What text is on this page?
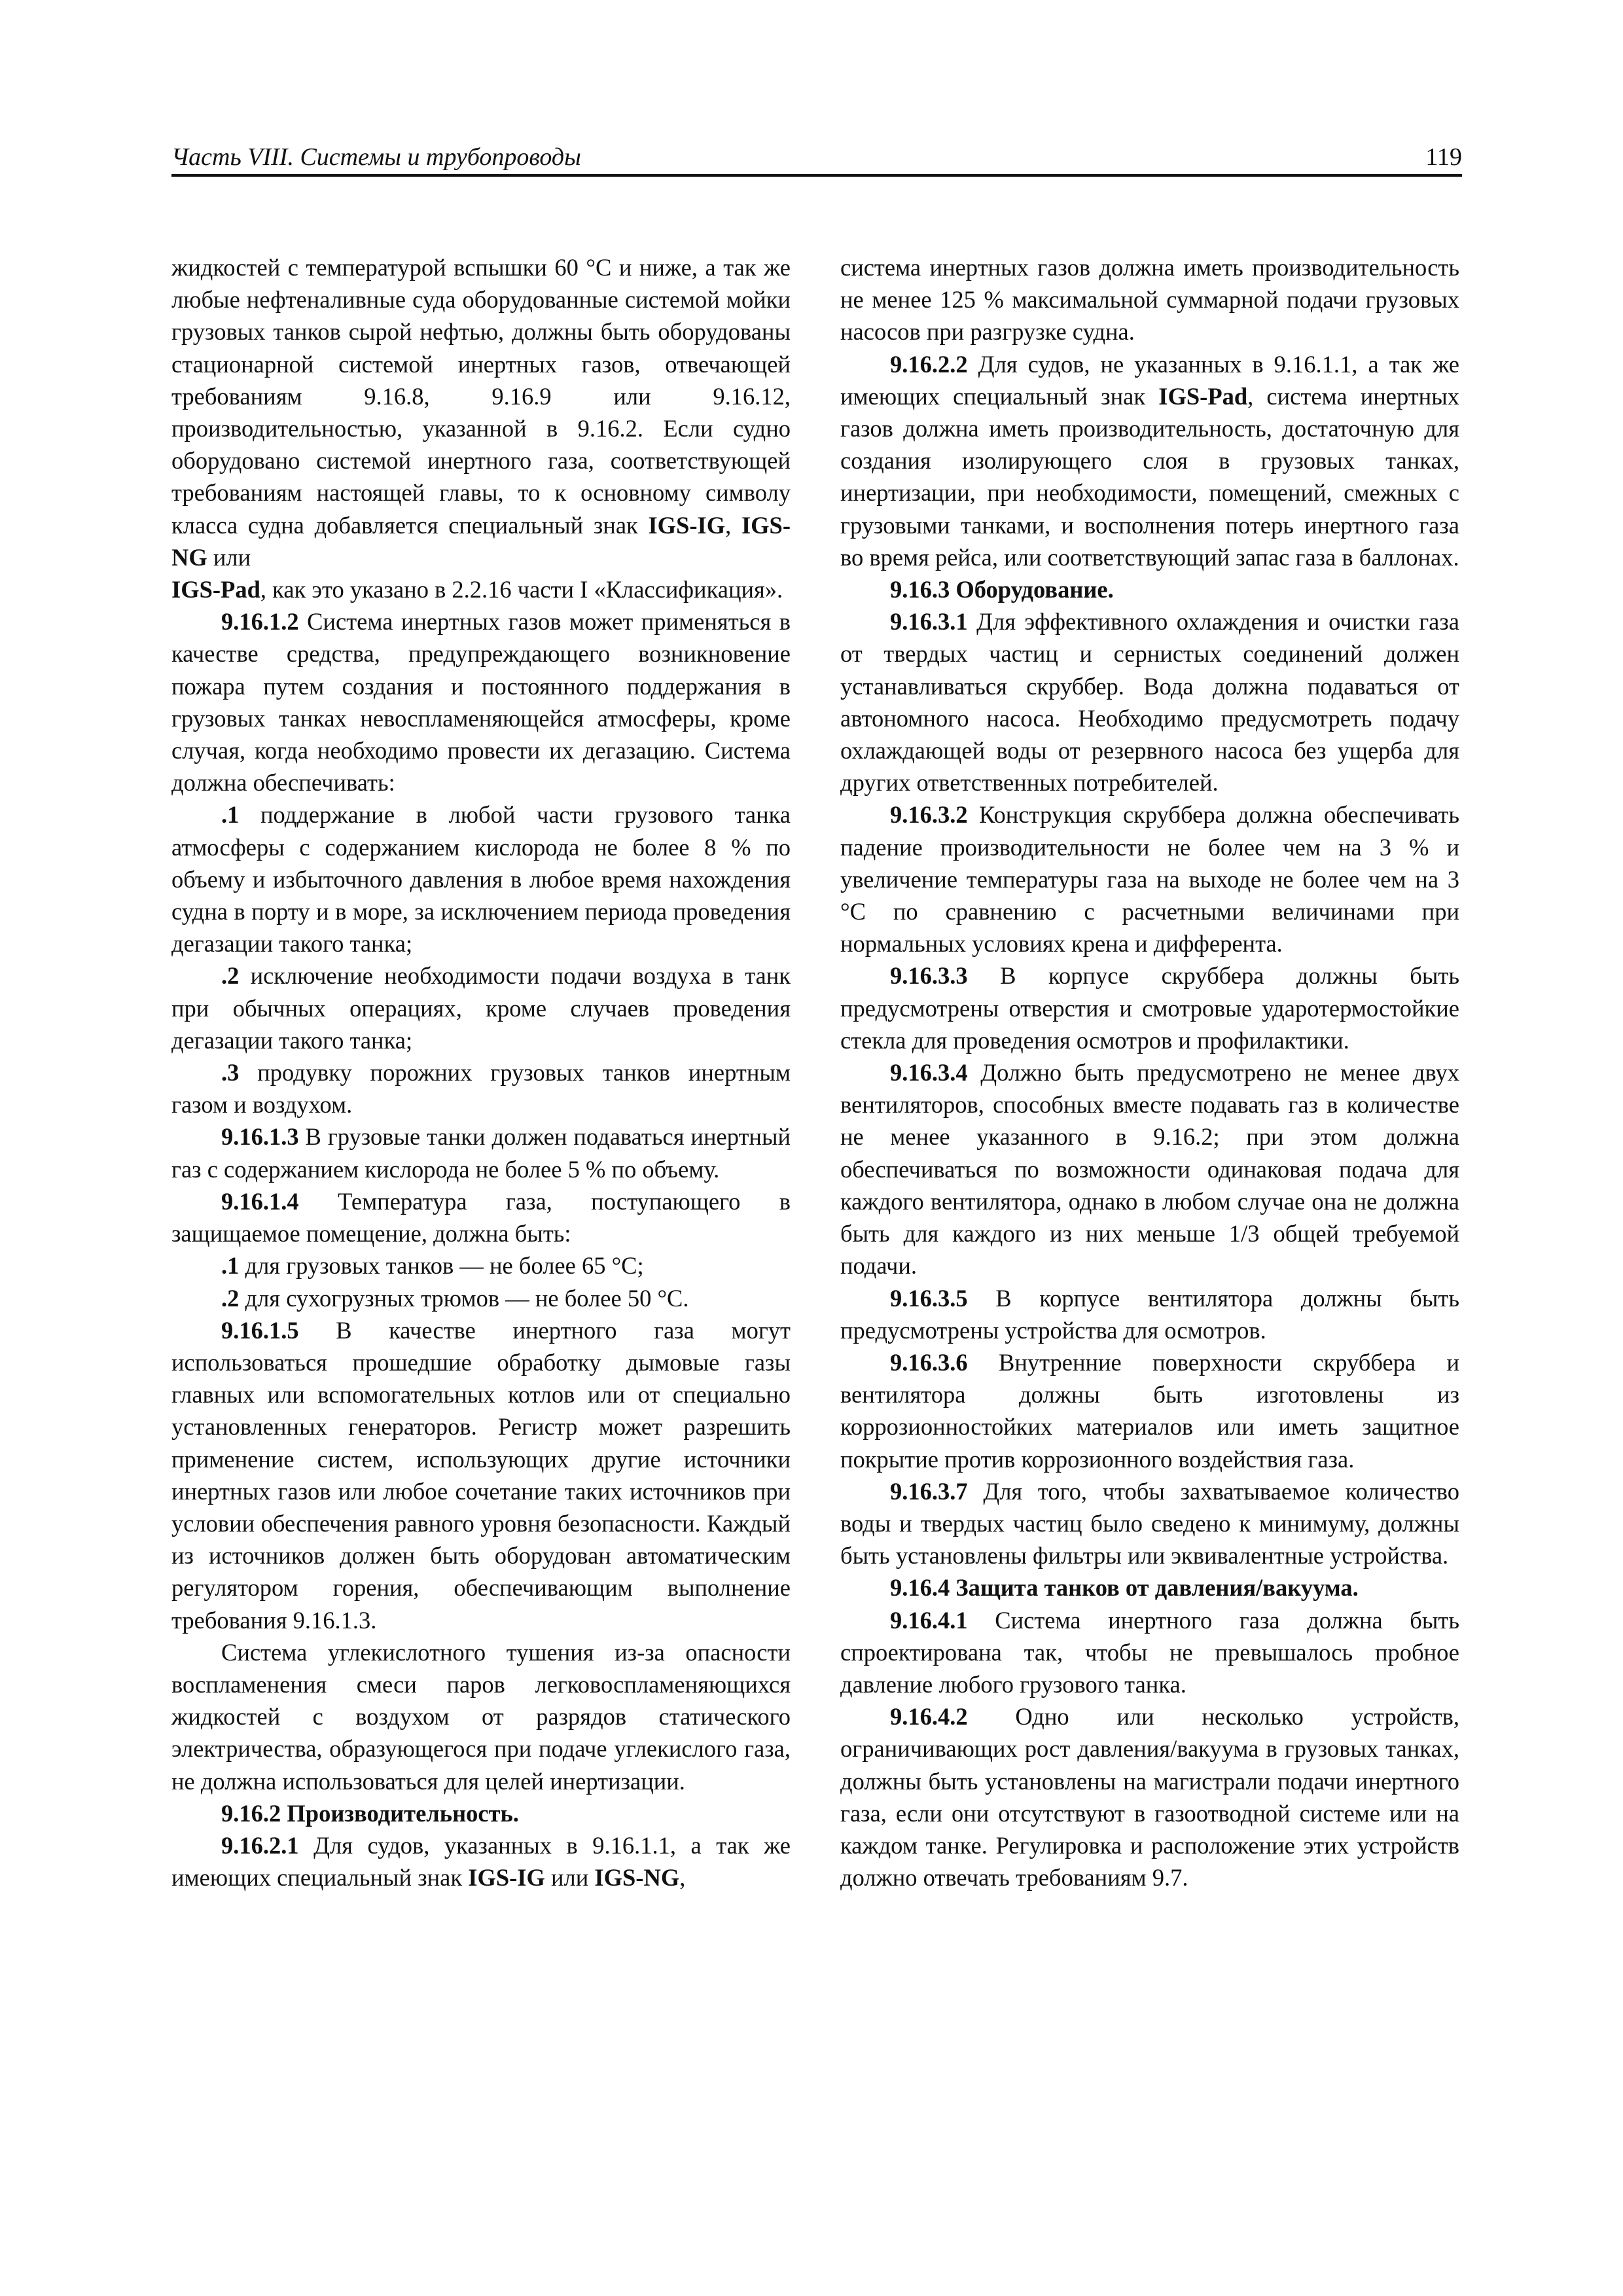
Часть VIII. Системы и трубопроводы	119

жидкостей с температурой вспышки 60 °С и ниже, а так же любые нефтеналивные суда оборудованные системой мойки грузовых танков сырой нефтью, должны быть оборудованы стационарной системой инертных газов, отвечающей требованиям 9.16.8, 9.16.9 или 9.16.12, производительностью, указанной в 9.16.2. Если судно оборудовано системой инертного газа, соответствующей требованиям настоящей главы, то к основному символу класса судна добавляется специальный знак IGS-IG, IGS-NG или
IGS-Pad, как это указано в 2.2.16 части I «Классификация».

9.16.1.2 Система инертных газов может применяться в качестве средства, предупреждающего возникновение пожара путем создания и постоянного поддержания в грузовых танках невоспламеняющейся атмосферы, кроме случая, когда необходимо провести их дегазацию. Система должна обеспечивать:

.1 поддержание в любой части грузового танка атмосферы с содержанием кислорода не более 8 % по объему и избыточного давления в любое время нахождения судна в порту и в море, за исключением периода проведения дегазации такого танка;

.2 исключение необходимости подачи воздуха в танк при обычных операциях, кроме случаев проведения дегазации такого танка;

.3 продувку порожних грузовых танков инертным газом и воздухом.

9.16.1.3 В грузовые танки должен подаваться инертный газ с содержанием кислорода не более 5 % по объему.

9.16.1.4 Температура газа, поступающего в защищаемое помещение, должна быть:

.1 для грузовых танков — не более 65 °С;

.2 для сухогрузных трюмов — не более 50 °С.

9.16.1.5 В качестве инертного газа могут использоваться прошедшие обработку дымовые газы главных или вспомогательных котлов или от специально установленных генераторов. Регистр может разрешить применение систем, использующих другие источники инертных газов или любое сочетание таких источников при условии обеспечения равного уровня безопасности. Каждый из источников должен быть оборудован автоматическим регулятором горения, обеспечивающим выполнение требования 9.16.1.3.

Система углекислотного тушения из-за опасности воспламенения смеси паров легковоспламеняющихся жидкостей с воздухом от разрядов статического электричества, образующегося при подаче углекислого газа, не должна использоваться для целей инертизации.

9.16.2 Производительность.

9.16.2.1 Для судов, указанных в 9.16.1.1, а так же имеющих специальный знак IGS-IG или IGS-NG,

система инертных газов должна иметь производительность не менее 125 % максимальной суммарной подачи грузовых насосов при разгрузке судна.

9.16.2.2 Для судов, не указанных в 9.16.1.1, а так же имеющих специальный знак IGS-Pad, система инертных газов должна иметь производительность, достаточную для создания изолирующего слоя в грузовых танках, инертизации, при необходимости, помещений, смежных с грузовыми танками, и восполнения потерь инертного газа во время рейса, или соответствующий запас газа в баллонах.

9.16.3 Оборудование.

9.16.3.1 Для эффективного охлаждения и очистки газа от твердых частиц и сернистых соединений должен устанавливаться скруббер. Вода должна подаваться от автономного насоса. Необходимо предусмотреть подачу охлаждающей воды от резервного насоса без ущерба для других ответственных потребителей.

9.16.3.2 Конструкция скруббера должна обеспечивать падение производительности не более чем на 3 % и увеличение температуры газа на выходе не более чем на 3 °С по сравнению с расчетными величинами при нормальных условиях крена и дифферента.

9.16.3.3 В корпусе скруббера должны быть предусмотрены отверстия и смотровые ударотермостойкие стекла для проведения осмотров и профилактики.

9.16.3.4 Должно быть предусмотрено не менее двух вентиляторов, способных вместе подавать газ в количестве не менее указанного в 9.16.2; при этом должна обеспечиваться по возможности одинаковая подача для каждого вентилятора, однако в любом случае она не должна быть для каждого из них меньше 1/3 общей требуемой подачи.

9.16.3.5 В корпусе вентилятора должны быть предусмотрены устройства для осмотров.

9.16.3.6 Внутренние поверхности скруббера и вентилятора должны быть изготовлены из коррозионностойких материалов или иметь защитное покрытие против коррозионного воздействия газа.

9.16.3.7 Для того, чтобы захватываемое количество воды и твердых частиц было сведено к минимуму, должны быть установлены фильтры или эквивалентные устройства.

9.16.4 Защита танков от давления/вакуума.

9.16.4.1 Система инертного газа должна быть спроектирована так, чтобы не превышалось пробное давление любого грузового танка.

9.16.4.2 Одно или несколько устройств, ограничивающих рост давления/вакуума в грузовых танках, должны быть установлены на магистрали подачи инертного газа, если они отсутствуют в газоотводной системе или на каждом танке. Регулировка и расположение этих устройств должно отвечать требованиям 9.7.
